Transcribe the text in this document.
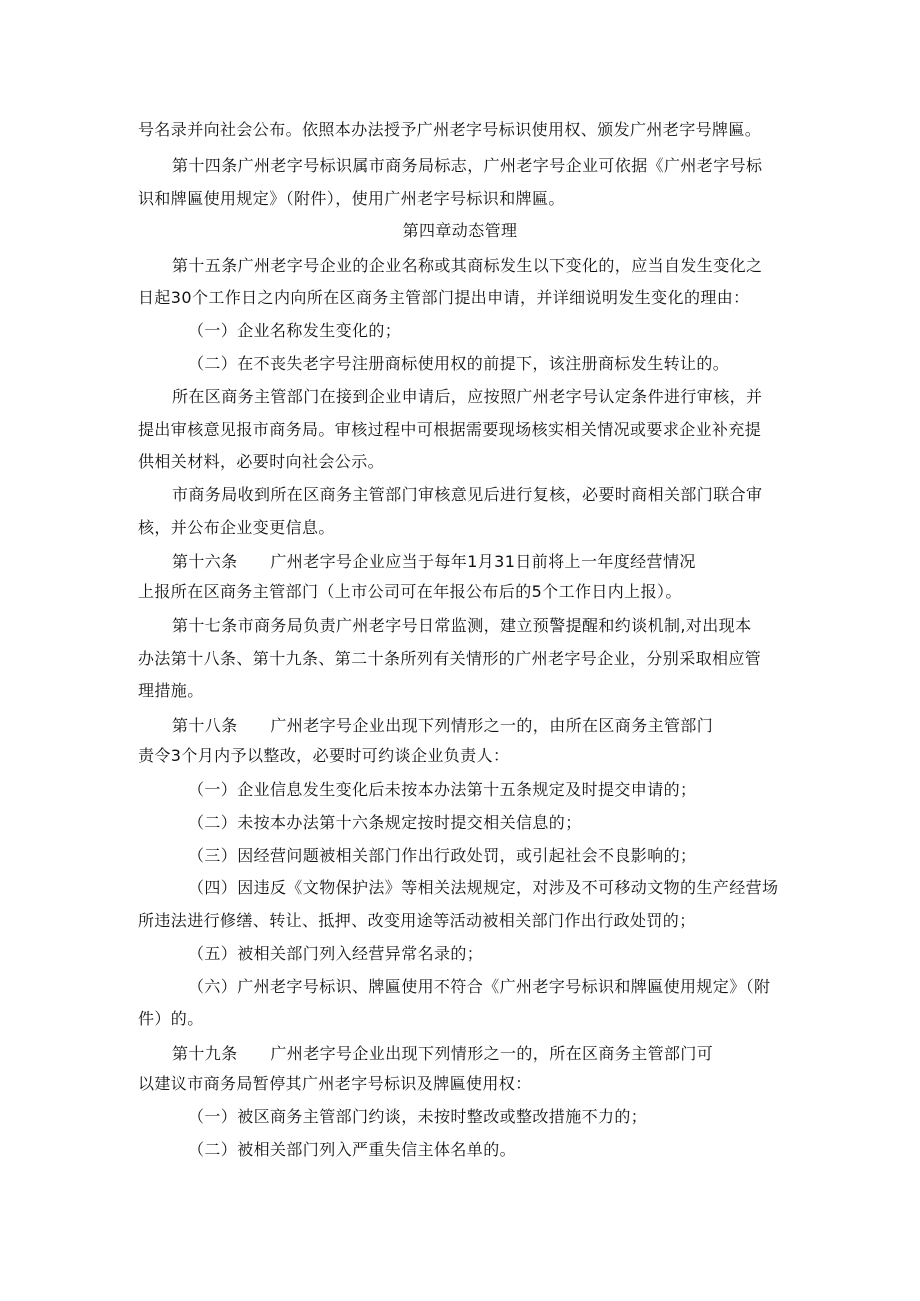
号名录并向社会公布。依照本办法授予广州老字号标识使用权、颁发广州老字号牌匾。
第十四条广州老字号标识属市商务局标志，广州老字号企业可依据《广州老字号标
识和牌匾使用规定》（附件），使用广州老字号标识和牌匾。
第四章动态管理
第十五条广州老字号企业的企业名称或其商标发生以下变化的，应当自发生变化之
日起30个工作日之内向所在区商务主管部门提出申请，并详细说明发生变化的理由：
（一）企业名称发生变化的；
（二）在不丧失老字号注册商标使用权的前提下，该注册商标发生转让的。
所在区商务主管部门在接到企业申请后，应按照广州老字号认定条件进行审核，并
提出审核意见报市商务局。审核过程中可根据需要现场核实相关情况或要求企业补充提
供相关材料，必要时向社会公示。
市商务局收到所在区商务主管部门审核意见后进行复核，必要时商相关部门联合审
核，并公布企业变更信息。
第十六条　　广州老字号企业应当于每年1月31日前将上一年度经营情况
上报所在区商务主管部门（上市公司可在年报公布后的5个工作日内上报）。
第十七条市商务局负责广州老字号日常监测，建立预警提醒和约谈机制,对出现本
办法第十八条、第十九条、第二十条所列有关情形的广州老字号企业，分别采取相应管
理措施。
第十八条　　广州老字号企业出现下列情形之一的，由所在区商务主管部门
责令3个月内予以整改，必要时可约谈企业负责人：
（一）企业信息发生变化后未按本办法第十五条规定及时提交申请的；
（二）未按本办法第十六条规定按时提交相关信息的；
（三）因经营问题被相关部门作出行政处罚，或引起社会不良影响的；
（四）因违反《文物保护法》等相关法规规定，对涉及不可移动文物的生产经营场
所违法进行修缮、转让、抵押、改变用途等活动被相关部门作出行政处罚的；
（五）被相关部门列入经营异常名录的；
（六）广州老字号标识、牌匾使用不符合《广州老字号标识和牌匾使用规定》（附
件）的。
第十九条　　广州老字号企业出现下列情形之一的，所在区商务主管部门可
以建议市商务局暂停其广州老字号标识及牌匾使用权：
（一）被区商务主管部门约谈，未按时整改或整改措施不力的；
（二）被相关部门列入严重失信主体名单的。
